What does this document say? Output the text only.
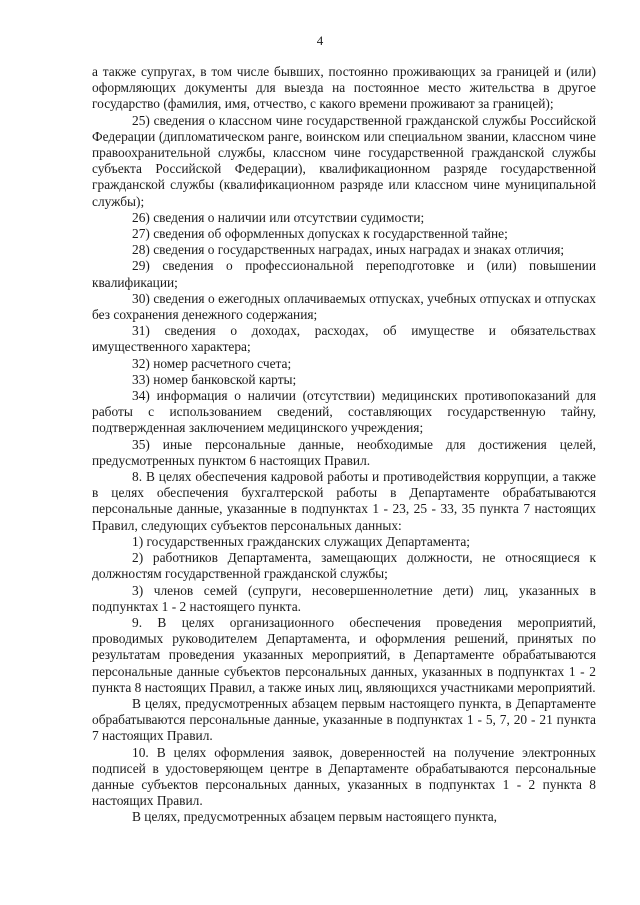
4

а также супругах, в том числе бывших, постоянно проживающих за границей и (или) оформляющих документы для выезда на постоянное место жительства в другое государство (фамилия, имя, отчество, с какого времени проживают за границей);

25) сведения о классном чине государственной гражданской службы Российской Федерации (дипломатическом ранге, воинском или специальном звании, классном чине правоохранительной службы, классном чине государственной гражданской службы субъекта Российской Федерации), квалификационном разряде государственной гражданской службы (квалификационном разряде или классном чине муниципальной службы);

26) сведения о наличии или отсутствии судимости;

27) сведения об оформленных допусках к государственной тайне;

28) сведения о государственных наградах, иных наградах и знаках отличия;

29) сведения о профессиональной переподготовке и (или) повышении квалификации;

30) сведения о ежегодных оплачиваемых отпусках, учебных отпусках и отпусках без сохранения денежного содержания;

31) сведения о доходах, расходах, об имуществе и обязательствах имущественного характера;

32) номер расчетного счета;

33) номер банковской карты;

34) информация о наличии (отсутствии) медицинских противопоказаний для работы с использованием сведений, составляющих государственную тайну, подтвержденная заключением медицинского учреждения;

35) иные персональные данные, необходимые для достижения целей, предусмотренных пунктом 6 настоящих Правил.

8. В целях обеспечения кадровой работы и противодействия коррупции, а также в целях обеспечения бухгалтерской работы в Департаменте обрабатываются персональные данные, указанные в подпунктах 1 - 23, 25 - 33, 35 пункта 7 настоящих Правил, следующих субъектов персональных данных:

1) государственных гражданских служащих Департамента;

2) работников Департамента, замещающих должности, не относящиеся к должностям государственной гражданской службы;

3) членов семей (супруги, несовершеннолетние дети) лиц, указанных в подпунктах 1 - 2 настоящего пункта.

9. В целях организационного обеспечения проведения мероприятий, проводимых руководителем Департамента, и оформления решений, принятых по результатам проведения указанных мероприятий, в Департаменте обрабатываются персональные данные субъектов персональных данных, указанных в подпунктах 1 - 2 пункта 8 настоящих Правил, а также иных лиц, являющихся участниками мероприятий.

В целях, предусмотренных абзацем первым настоящего пункта, в Департаменте обрабатываются персональные данные, указанные в подпунктах 1 - 5, 7, 20 - 21 пункта 7 настоящих Правил.

10. В целях оформления заявок, доверенностей на получение электронных подписей в удостоверяющем центре в Департаменте обрабатываются персональные данные субъектов персональных данных, указанных в подпунктах 1 - 2 пункта 8 настоящих Правил.

В целях, предусмотренных абзацем первым настоящего пункта,
